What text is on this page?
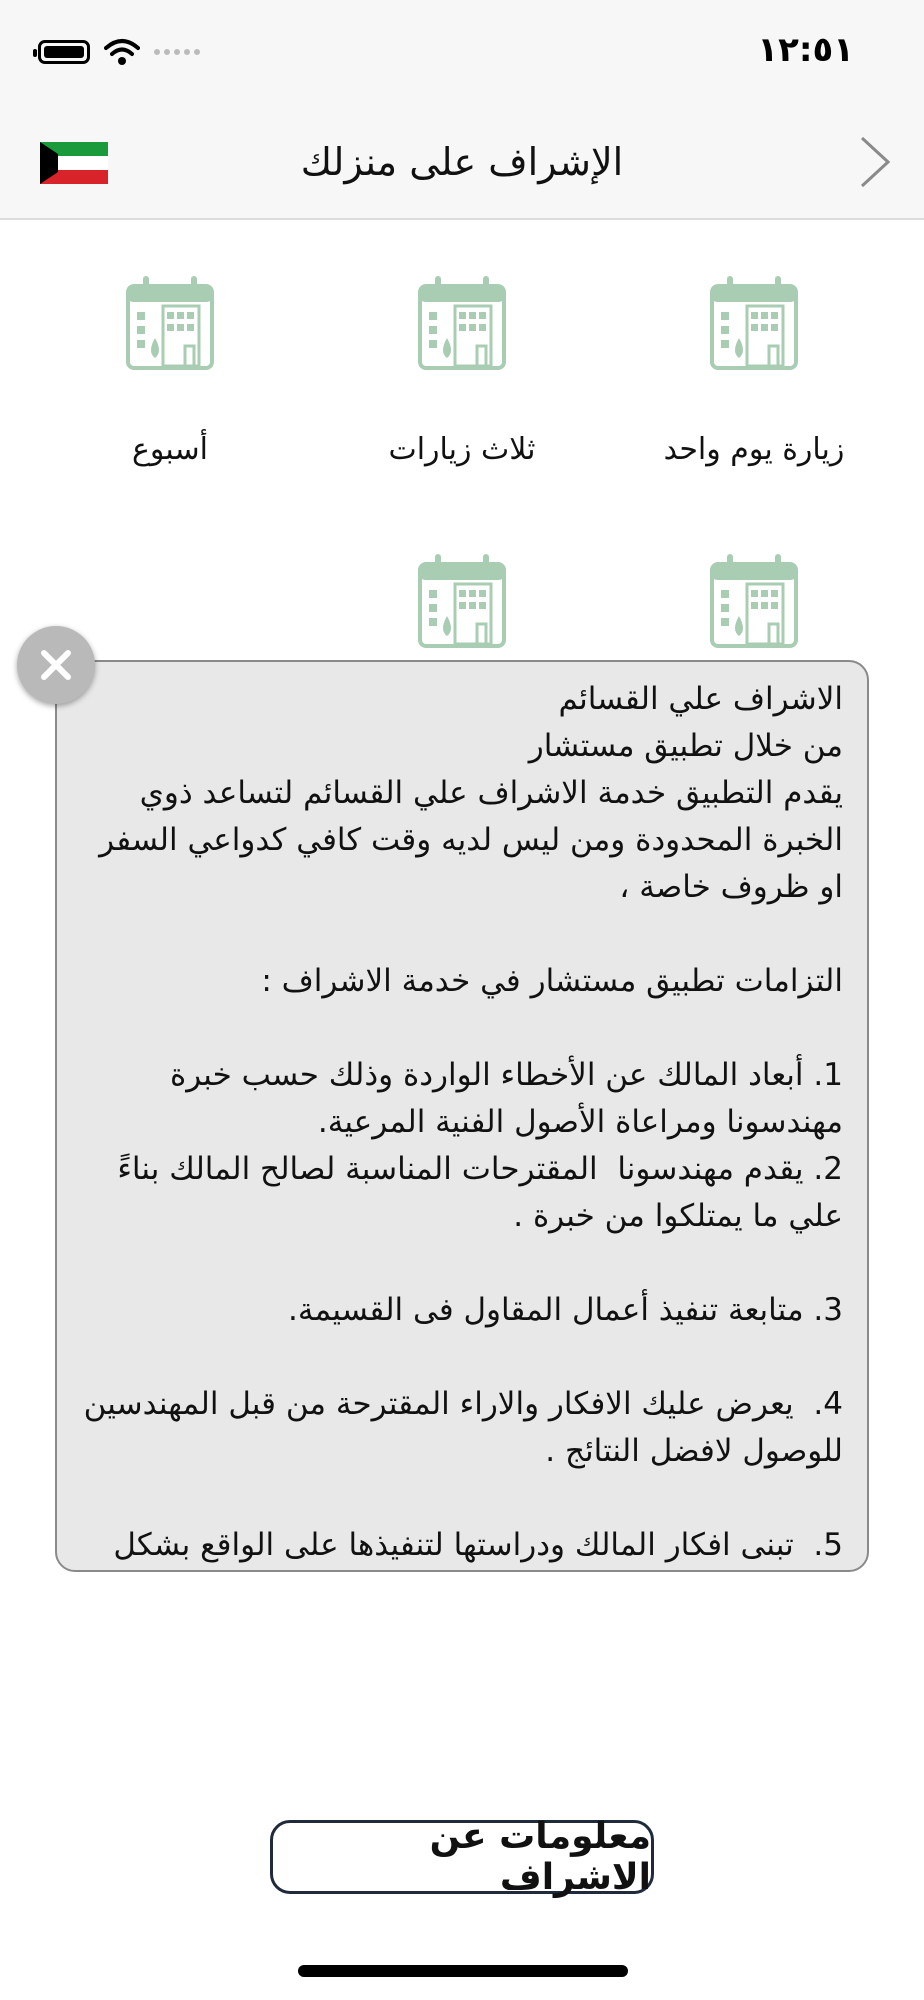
١٢:٥١
الإشراف على منزلك
زيارة يوم واحد
ثلاث زيارات
أسبوع
الاشراف علي القسائم
من خلال تطبيق مستشار
يقدم التطبيق خدمة الاشراف علي القسائم لتساعد ذوي الخبرة المحدودة ومن ليس لديه وقت كافي كدواعي السفر او ظروف خاصة ،

التزامات تطبيق مستشار في خدمة الاشراف :

1. أبعاد المالك عن الأخطاء الواردة وذلك حسب خبرة مهندسونا ومراعاة الأصول الفنية المرعية.
2. يقدم مهندسونا  المقترحات المناسبة لصالح المالك بناءً علي ما يمتلكوا من خبرة .

3. متابعة تنفيذ أعمال المقاول فى القسيمة.

4.  يعرض عليك الافكار والاراء المقترحة من قبل المهندسين للوصول لافضل النتائج .

5.  تبنى افكار المالك ودراستها لتنفيذها على الواقع بشكل
معلومات عن الاشراف
